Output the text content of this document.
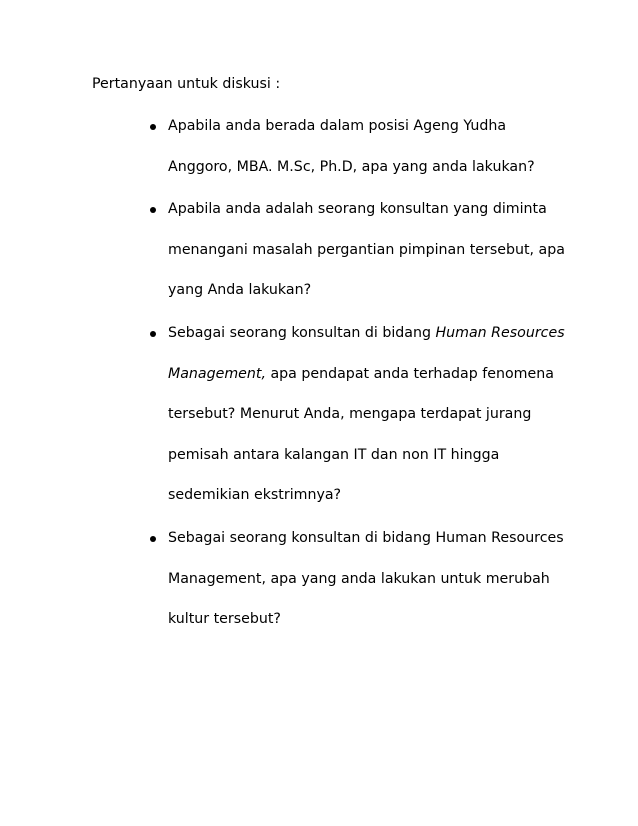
Pertanyaan untuk diskusi :

Apabila anda berada dalam posisi Ageng Yudha
Anggoro, MBA. M.Sc, Ph.D, apa yang anda lakukan?
Apabila anda adalah seorang konsultan yang diminta
menangani masalah pergantian pimpinan tersebut, apa
yang Anda lakukan?
Sebagai seorang konsultan di bidang Human Resources
Management, apa pendapat anda terhadap fenomena
tersebut? Menurut Anda, mengapa terdapat jurang
pemisah antara kalangan IT dan non IT hingga
sedemikian ekstrimnya?
Sebagai seorang konsultan di bidang Human Resources
Management, apa yang anda lakukan untuk merubah
kultur tersebut?
